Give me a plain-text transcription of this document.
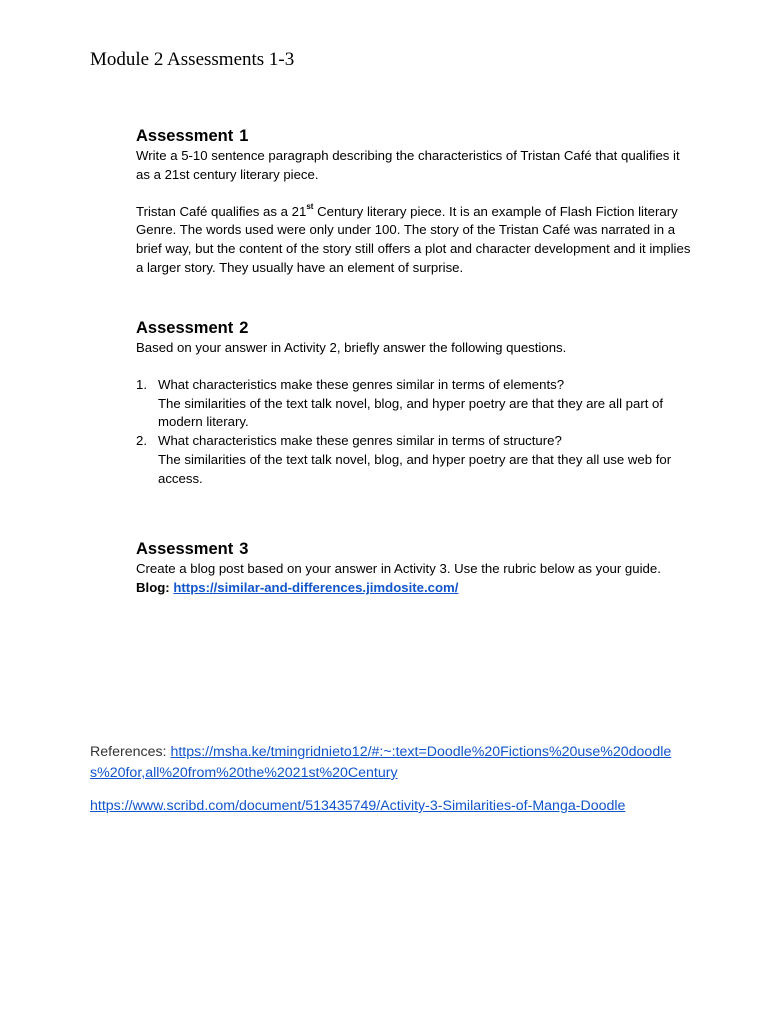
Module 2 Assessments 1-3
Assessment 1

Write a 5-10 sentence paragraph describing the characteristics of Tristan Café that qualifies it as a 21st century literary piece.

Tristan Café qualifies as a 21st Century literary piece. It is an example of Flash Fiction literary Genre. The words used were only under 100. The story of the Tristan Café was narrated in a brief way, but the content of the story still offers a plot and character development and it implies a larger story. They usually have an element of surprise.

Assessment 2

Based on your answer in Activity 2, briefly answer the following questions.

1. What characteristics make these genres similar in terms of elements?
The similarities of the text talk novel, blog, and hyper poetry are that they are all part of modern literary.
2. What characteristics make these genres similar in terms of structure?
The similarities of the text talk novel, blog, and hyper poetry are that they all use web for access.
Assessment 3

Create a blog post based on your answer in Activity 3. Use the rubric below as your guide.

Blog: https://similar-and-differences.jimdosite.com/

References: https://msha.ke/tmingridnieto12/#:~:text=Doodle%20Fictions%20use%20doodles%20for,all%20from%20the%2021st%20Century
https://www.scribd.com/document/513435749/Activity-3-Similarities-of-Manga-Doodle
